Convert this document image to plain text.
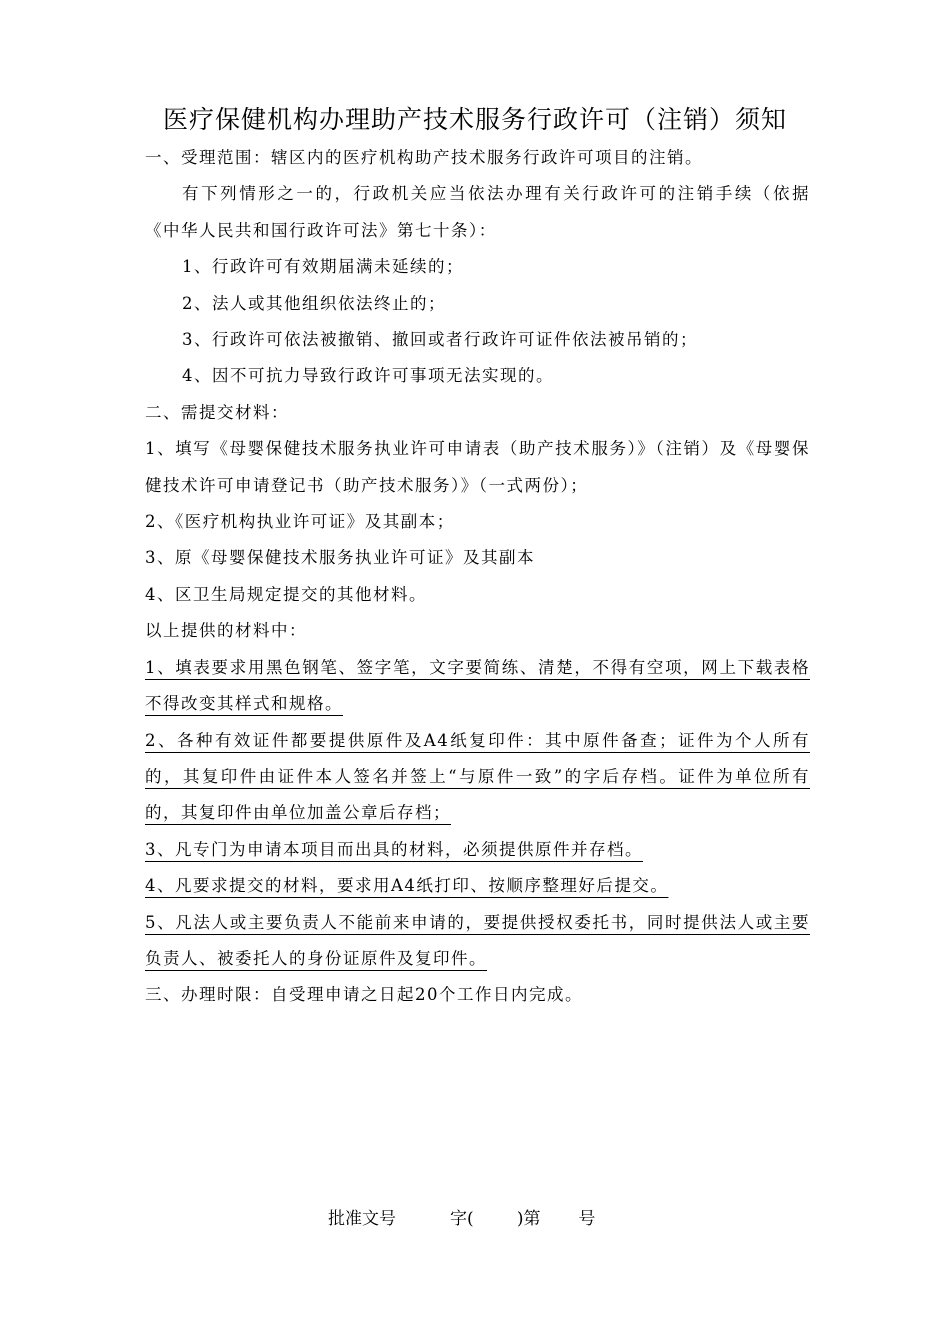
医疗保健机构办理助产技术服务行政许可（注销）须知

一、受理范围：辖区内的医疗机构助产技术服务行政许可项目的注销。

有下列情形之一的，行政机关应当依法办理有关行政许可的注销手续（依据《中华人民共和国行政许可法》第七十条）：

1、行政许可有效期届满未延续的；

2、法人或其他组织依法终止的；

3、行政许可依法被撤销、撤回或者行政许可证件依法被吊销的；

4、因不可抗力导致行政许可事项无法实现的。

二、需提交材料：

1、填写《母婴保健技术服务执业许可申请表（助产技术服务）》（注销）及《母婴保健技术许可申请登记书（助产技术服务）》（一式两份）；

2、《医疗机构执业许可证》及其副本；

3、原《母婴保健技术服务执业许可证》及其副本

4、区卫生局规定提交的其他材料。

以上提供的材料中：

1、填表要求用黑色钢笔、签字笔，文字要简练、清楚，不得有空项，网上下载表格不得改变其样式和规格。

2、各种有效证件都要提供原件及A4纸复印件：其中原件备查；证件为个人所有的，其复印件由证件本人签名并签上“与原件一致”的字后存档。证件为单位所有的，其复印件由单位加盖公章后存档；

3、凡专门为申请本项目而出具的材料，必须提供原件并存档。

4、凡要求提交的材料，要求用A4纸打印、按顺序整理好后提交。

5、凡法人或主要负责人不能前来申请的，要提供授权委托书，同时提供法人或主要负责人、被委托人的身份证原件及复印件。

三、办理时限：自受理申请之日起20个工作日内完成。

批准文号          字(        )第       号
